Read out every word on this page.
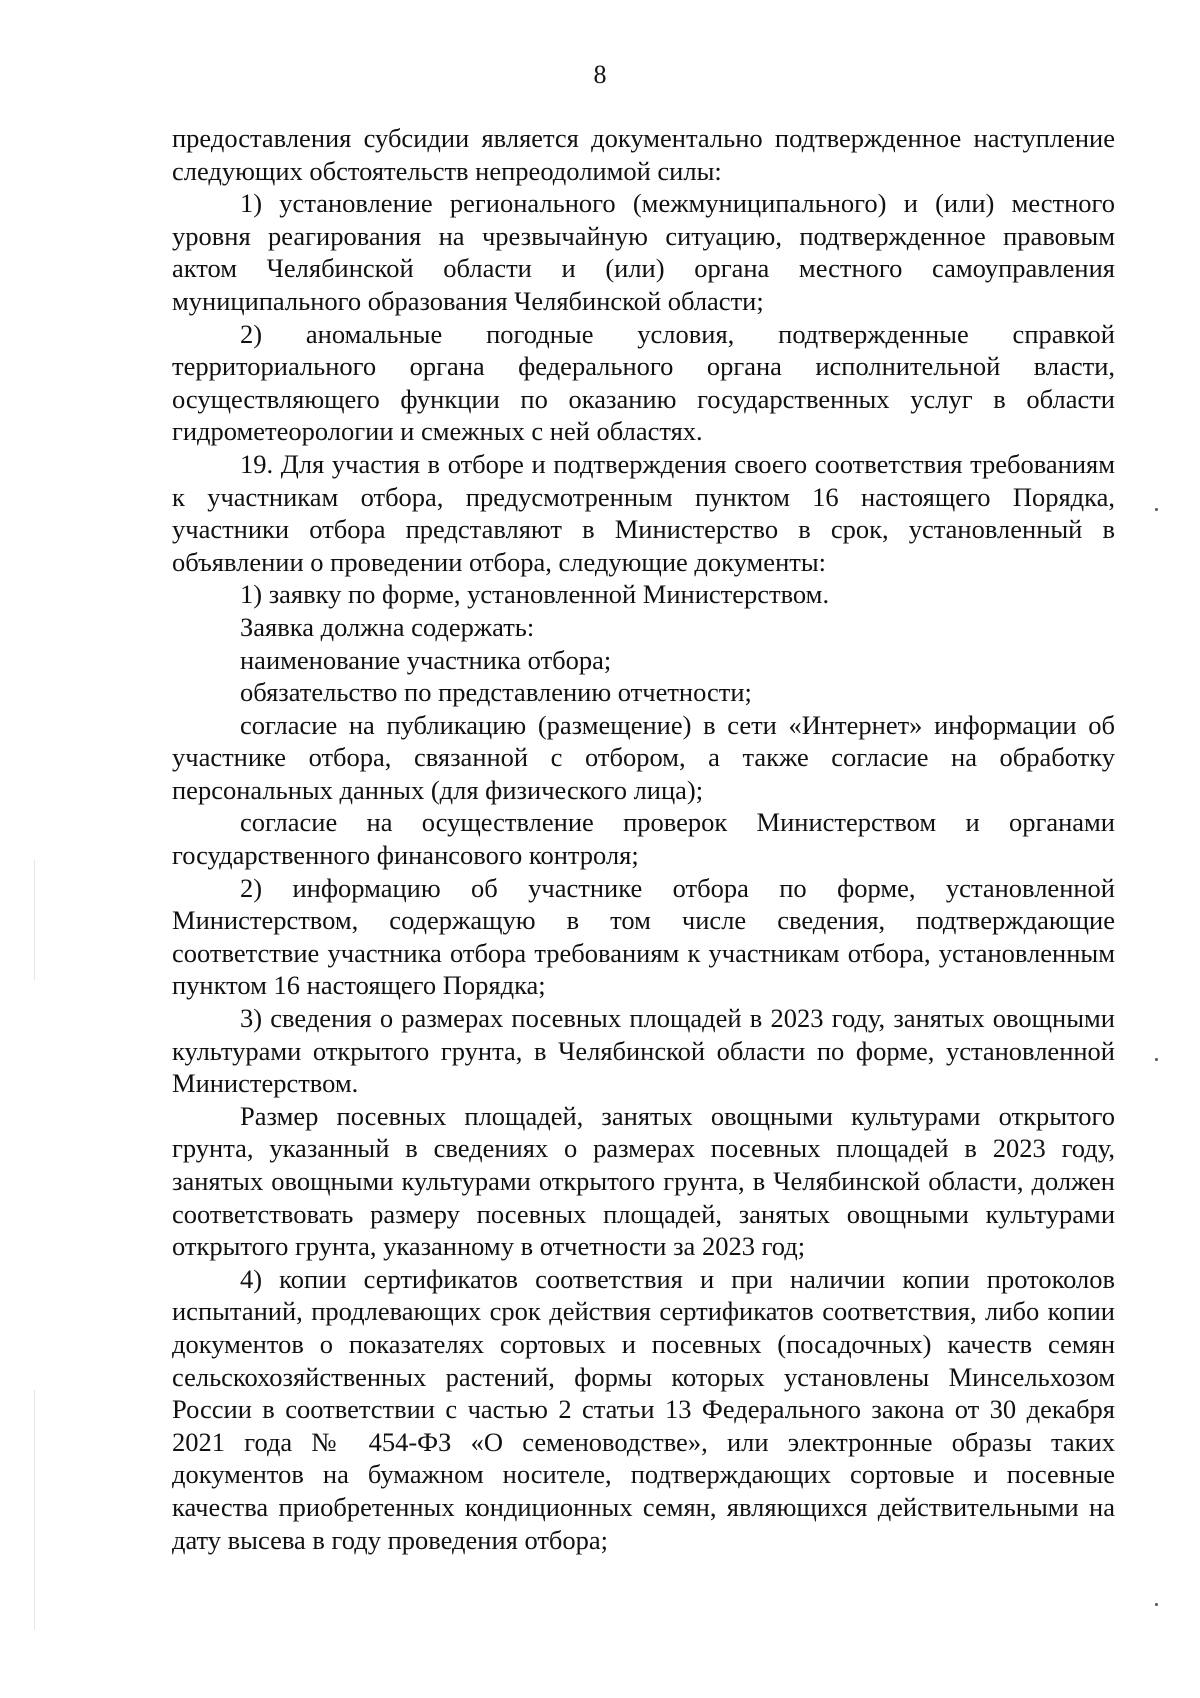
8

предоставления субсидии является документально подтвержденное наступление следующих обстоятельств непреодолимой силы:

1) установление регионального (межмуниципального) и (или) местного уровня реагирования на чрезвычайную ситуацию, подтвержденное правовым актом Челябинской области и (или) органа местного самоуправления муниципального образования Челябинской области;

2) аномальные погодные условия, подтвержденные справкой территориального органа федерального органа исполнительной власти, осуществляющего функции по оказанию государственных услуг в области гидрометеорологии и смежных с ней областях.

19. Для участия в отборе и подтверждения своего соответствия требованиям к участникам отбора, предусмотренным пунктом 16 настоящего Порядка, участники отбора представляют в Министерство в срок, установленный в объявлении о проведении отбора, следующие документы:

1) заявку по форме, установленной Министерством.

Заявка должна содержать:

наименование участника отбора;

обязательство по представлению отчетности;

согласие на публикацию (размещение) в сети «Интернет» информации об участнике отбора, связанной с отбором, а также согласие на обработку персональных данных (для физического лица);

согласие на осуществление проверок Министерством и органами государственного финансового контроля;

2) информацию об участнике отбора по форме, установленной Министерством, содержащую в том числе сведения, подтверждающие соответствие участника отбора требованиям к участникам отбора, установленным пунктом 16 настоящего Порядка;

3) сведения о размерах посевных площадей в 2023 году, занятых овощными культурами открытого грунта, в Челябинской области по форме, установленной Министерством.

Размер посевных площадей, занятых овощными культурами открытого грунта, указанный в сведениях о размерах посевных площадей в 2023 году, занятых овощными культурами открытого грунта, в Челябинской области, должен соответствовать размеру посевных площадей, занятых овощными культурами открытого грунта, указанному в отчетности за 2023 год;

4) копии сертификатов соответствия и при наличии копии протоколов испытаний, продлевающих срок действия сертификатов соответствия, либо копии документов о показателях сортовых и посевных (посадочных) качеств семян сельскохозяйственных растений, формы которых установлены Минсельхозом России в соответствии с частью 2 статьи 13 Федерального закона от 30 декабря 2021 года № 454-ФЗ «О семеноводстве», или электронные образы таких документов на бумажном носителе, подтверждающих сортовые и посевные качества приобретенных кондиционных семян, являющихся действительными на дату высева в году проведения отбора;
